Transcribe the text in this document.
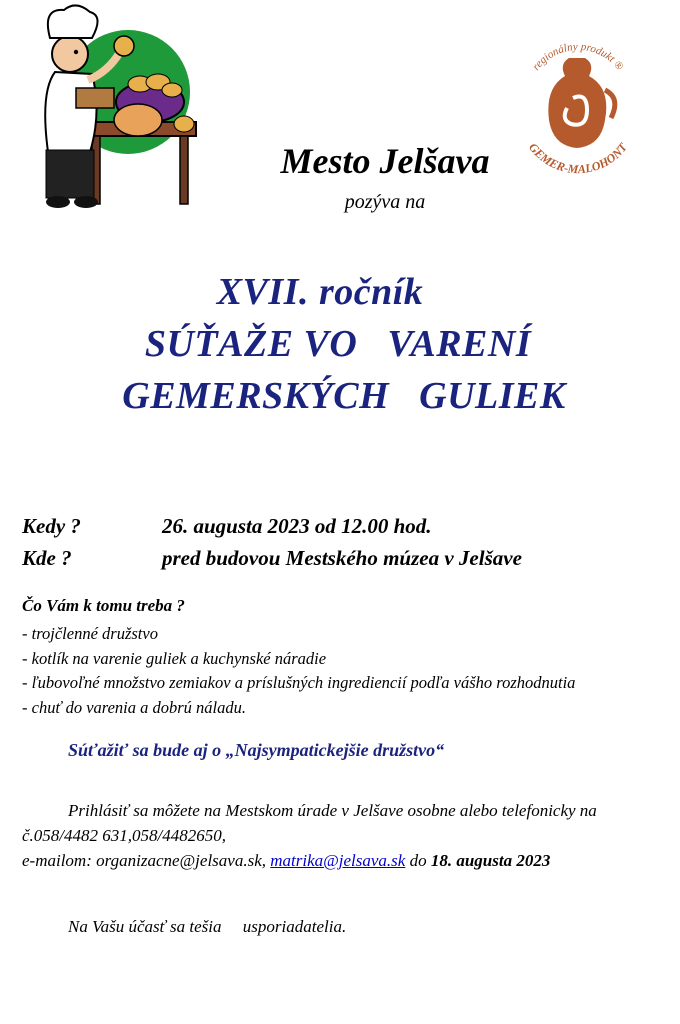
regionálny produkt ®
GEMER-MALOHONT
Mesto Jelšava
pozýva na
XVII. ročník
SÚŤAŽE VO   VARENÍ
GEMERSKÝCH   GULIEK
Kedy ?	26. augusta 2023 od 12.00 hod.
Kde ?	pred budovou Mestského múzea v Jelšave
Čo Vám k tomu treba ?
- trojčlenné družstvo
- kotlík na varenie guliek a kuchynské náradie
- ľubovoľné množstvo zemiakov a príslušných ingrediencií podľa vášho rozhodnutia
- chuť do varenia a dobrú náladu.
Súťažiť sa bude aj o „Najsympatickejšie družstvo“
Prihlásiť sa môžete na Mestskom úrade v Jelšave osobne alebo telefonicky na
č.058/4482 631,058/4482650,
e-mailom: organizacne@jelsava.sk, matrika@jelsava.sk do 18. augusta 2023
Na Vašu účasť sa tešia     usporiadatelia.
